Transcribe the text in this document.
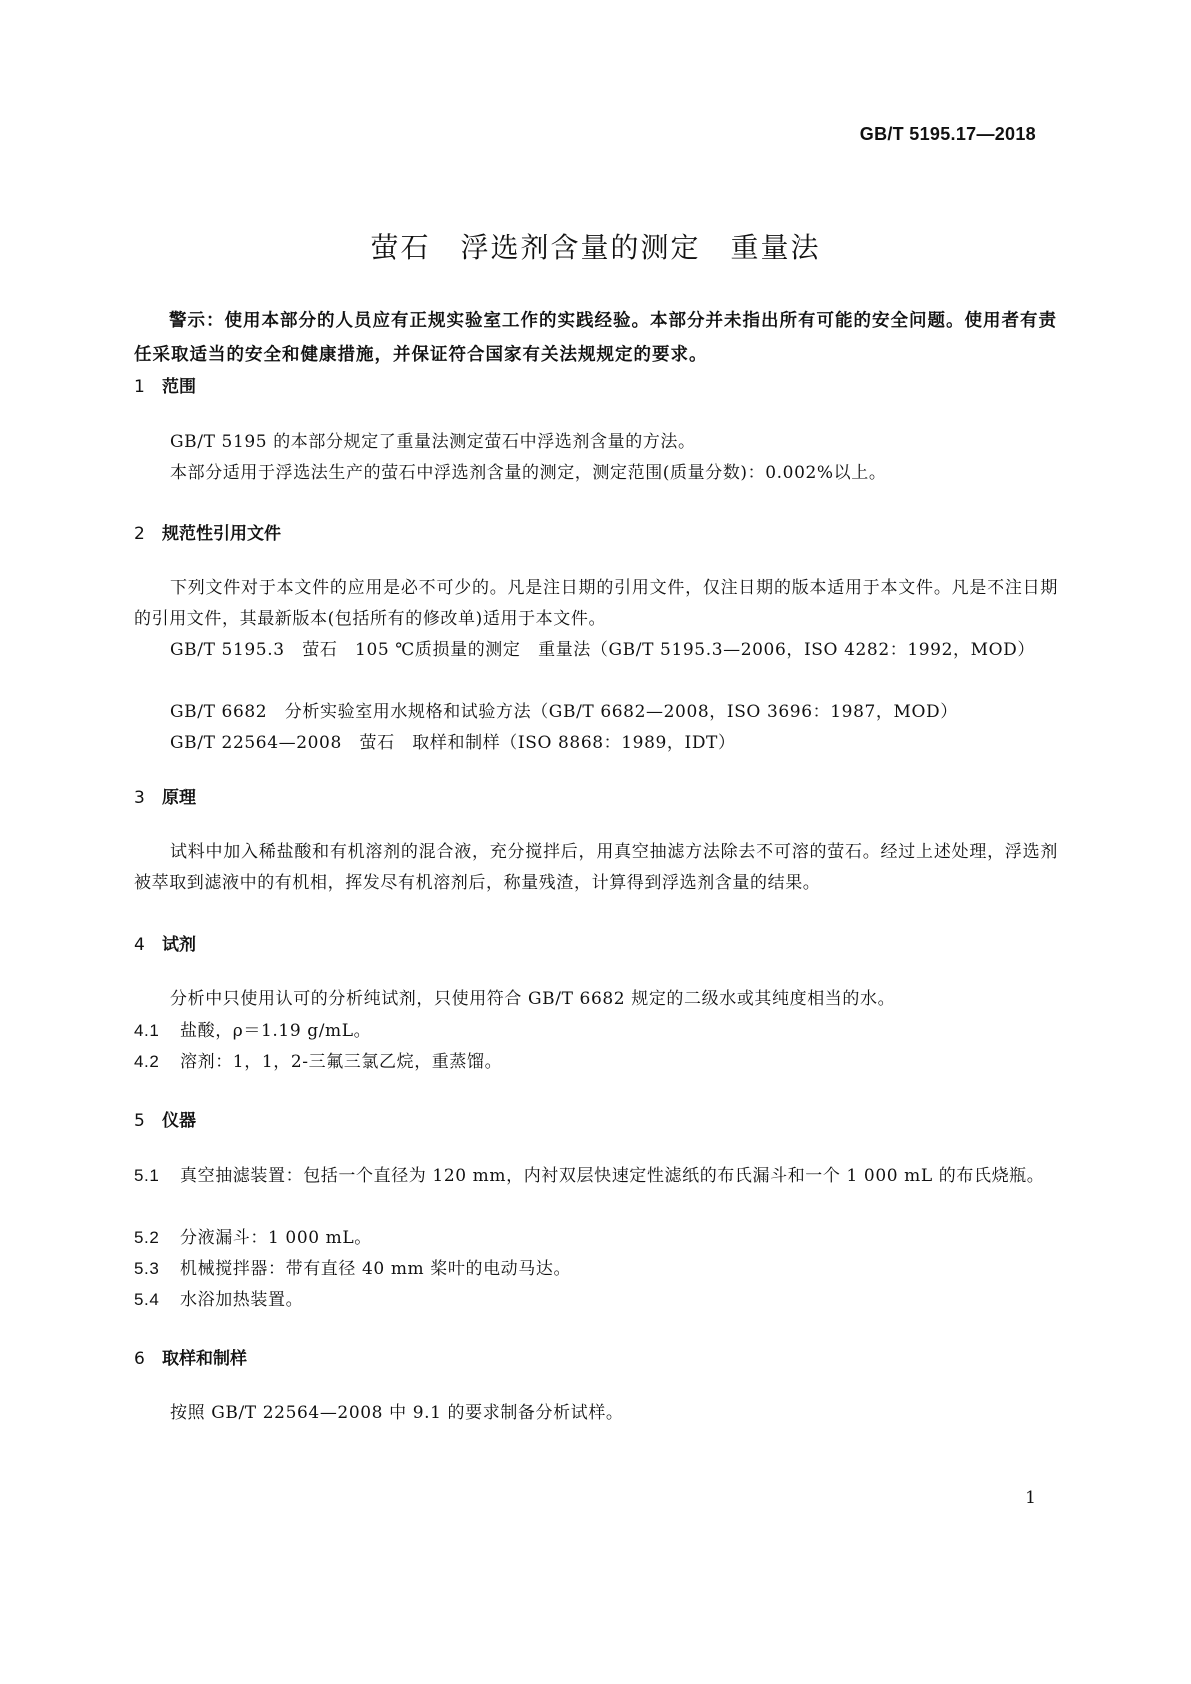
GB/T 5195.17—2018
萤石　浮选剂含量的测定　重量法

警示：使用本部分的人员应有正规实验室工作的实践经验。本部分并未指出所有可能的安全问题。使用者有责任采取适当的安全和健康措施，并保证符合国家有关法规规定的要求。

1 范围

GB/T 5195 的本部分规定了重量法测定萤石中浮选剂含量的方法。

本部分适用于浮选法生产的萤石中浮选剂含量的测定，测定范围(质量分数)：0.002%以上。

2 规范性引用文件

下列文件对于本文件的应用是必不可少的。凡是注日期的引用文件，仅注日期的版本适用于本文件。凡是不注日期的引用文件，其最新版本(包括所有的修改单)适用于本文件。

GB/T 5195.3　萤石　105 ℃质损量的测定　重量法（GB/T 5195.3—2006，ISO 4282：1992，MOD）

GB/T 6682　分析实验室用水规格和试验方法（GB/T 6682—2008，ISO 3696：1987，MOD）

GB/T 22564—2008　萤石　取样和制样（ISO 8868：1989，IDT）

3 原理

试料中加入稀盐酸和有机溶剂的混合液，充分搅拌后，用真空抽滤方法除去不可溶的萤石。经过上述处理，浮选剂被萃取到滤液中的有机相，挥发尽有机溶剂后，称量残渣，计算得到浮选剂含量的结果。

4 试剂

分析中只使用认可的分析纯试剂，只使用符合 GB/T 6682 规定的二级水或其纯度相当的水。

4.1 盐酸，ρ＝1.19 g/mL。

4.2 溶剂：1，1，2-三氟三氯乙烷，重蒸馏。

5 仪器

5.1 真空抽滤装置：包括一个直径为 120 mm，内衬双层快速定性滤纸的布氏漏斗和一个 1 000 mL 的布氏烧瓶。

5.2 分液漏斗：1 000 mL。

5.3 机械搅拌器：带有直径 40 mm 桨叶的电动马达。

5.4 水浴加热装置。

6 取样和制样

按照 GB/T 22564—2008 中 9.1 的要求制备分析试样。

1
